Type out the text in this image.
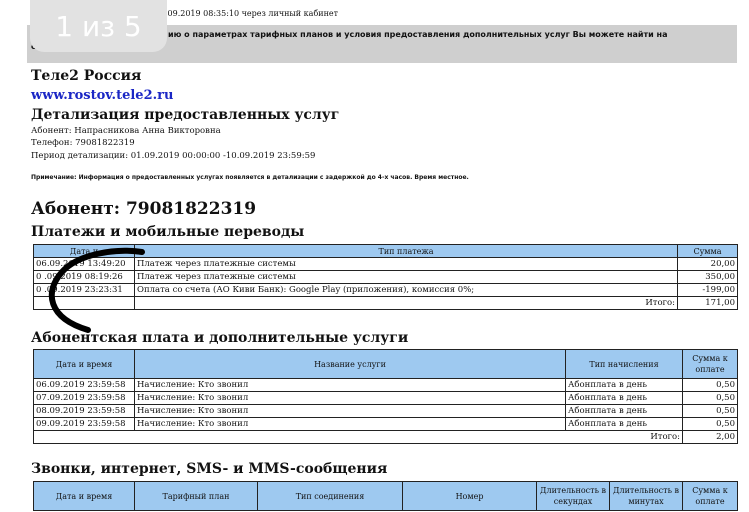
09.2019 08:35:10 через личный кабинет
ию о параметрах тарифных планов и условия предоставления дополнительных услуг Вы можете найти на
1 из 5
Теле2 Россия
www.rostov.tele2.ru
Детализация предоставленных услуг
Абонент: Напрасникова Анна Викторовна
Телефон: 79081822319
Период детализации: 01.09.2019 00:00:00 -10.09.2019 23:59:59
Примечание: Информация о предоставленных услугах появляется в детализации с задержкой до 4-х часов. Время местное.
Абонент: 79081822319
Платежи и мобильные переводы
Дата и	Тип платежа	Сумма
06.09.2019 13:49:20	Платеж через платежные системы	20,00
0 .09.2019 08:19:26	Платеж через платежные системы	350,00
0 .09.2019 23:23:31	Оплата со счета (АО Киви Банк): Google Play (приложения), комиссия 0%;	-199,00
	Итого:	171,00
Абонентская плата и дополнительные услуги
Дата и время	Название услуги	Тип начисления	Сумма к оплате
06.09.2019 23:59:58	Начисление: Кто звонил	Абонплата в день	0,50
07.09.2019 23:59:58	Начисление: Кто звонил	Абонплата в день	0,50
08.09.2019 23:59:58	Начисление: Кто звонил	Абонплата в день	0,50
09.09.2019 23:59:58	Начисление: Кто звонил	Абонплата в день	0,50
Итого:			2,00
Звонки, интернет, SMS- и MMS-сообщения
Дата и время	Тарифный план	Тип соединения	Номер	Длительность в секундах	Длительность в минутах	Сумма к оплате
